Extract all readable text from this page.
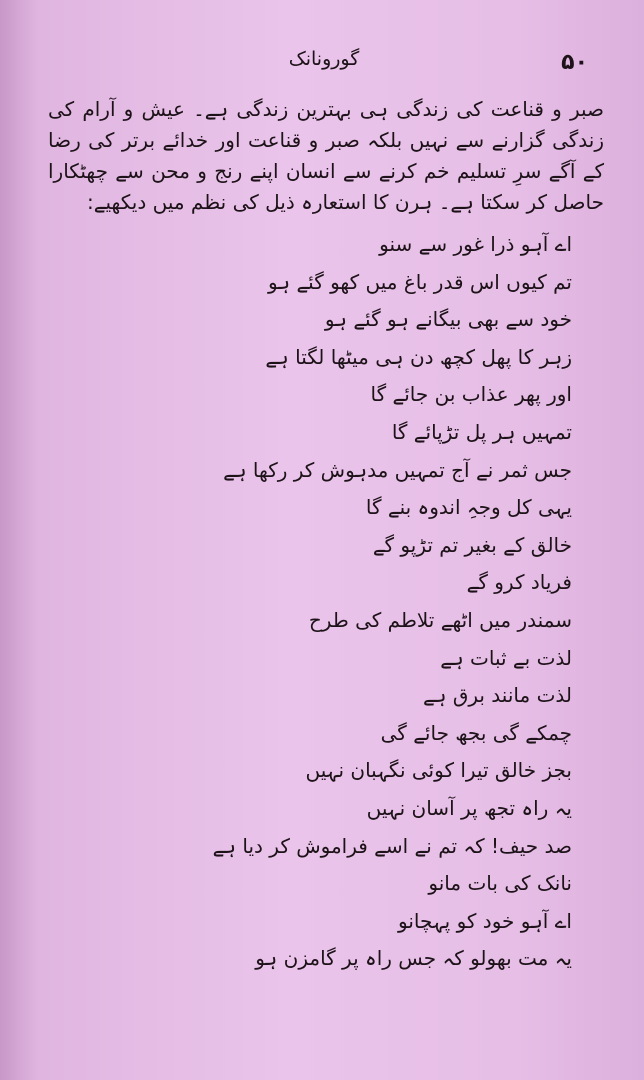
۵۰
گورونانک

صبر و قناعت کی زندگی ہی بہترین زندگی ہے۔ عیش و آرام کی زندگی گزارنے سے نہیں بلکہ صبر و قناعت اور خدائے برتر کی رضا کے آگے سرِ تسلیم خم کرنے سے انسان اپنے رنج و محن سے چھٹکارا حاصل کر سکتا ہے۔ ہرن کا استعارہ ذیل کی نظم میں دیکھیے:

اے آہو ذرا غور سے سنو
تم کیوں اس قدر باغ میں کھو گئے ہو
خود سے بھی بیگانے ہو گئے ہو
زہر کا پھل کچھ دن ہی میٹھا لگتا ہے
اور پھر عذاب بن جائے گا
تمہیں ہر پل تڑپائے گا
جس ثمر نے آج تمہیں مدہوش کر رکھا ہے
یہی کل وجہِ اندوہ بنے گا
خالق کے بغیر تم تڑپو گے
فریاد کرو گے
سمندر میں اٹھے تلاطم کی طرح
لذت بے ثبات ہے
لذت مانند برق ہے
چمکے گی بجھ جائے گی
بجز خالق تیرا کوئی نگہبان نہیں
یہ راہ تجھ پر آسان نہیں
صد حیف! کہ تم نے اسے فراموش کر دیا ہے
نانک کی بات مانو
اے آہو خود کو پہچانو
یہ مت بھولو کہ جس راہ پر گامزن ہو
